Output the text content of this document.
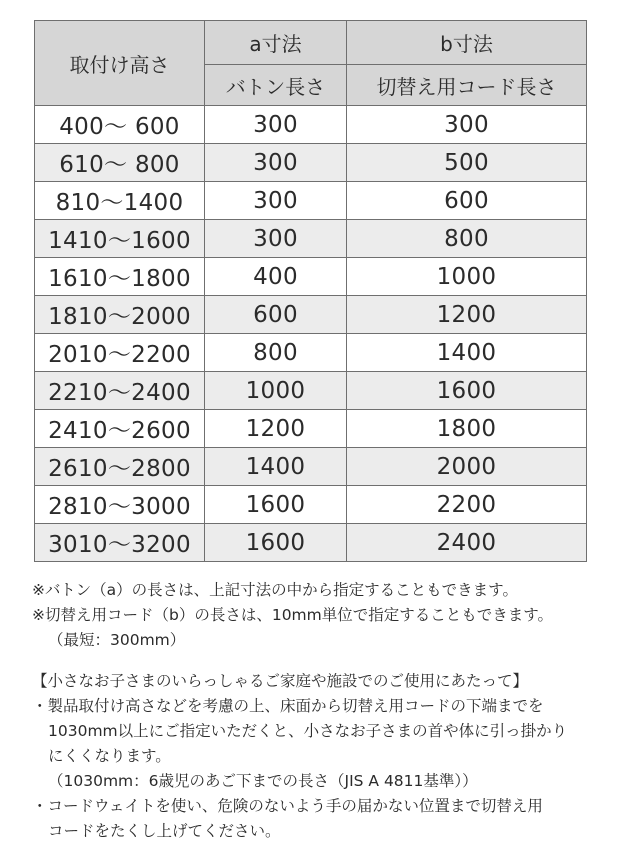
取付け高さ	a寸法	b寸法
	バトン長さ	切替え用コード長さ
400〜 600	300	300
610〜 800	300	500
810〜1400	300	600
1410〜1600	300	800
1610〜1800	400	1000
1810〜2000	600	1200
2010〜2200	800	1400
2210〜2400	1000	1600
2410〜2600	1200	1800
2610〜2800	1400	2000
2810〜3000	1600	2200
3010〜3200	1600	2400

※バトン（a）の長さは、上記寸法の中から指定することもできます。

※切替え用コード（b）の長さは、10mm単位で指定することもできます。

（最短：300mm）

【小さなお子さまのいらっしゃるご家庭や施設でのご使用にあたって】

・製品取付け高さなどを考慮の上、床面から切替え用コードの下端までを

1030mm以上にご指定いただくと、小さなお子さまの首や体に引っ掛かり

にくくなります。

（1030mm：6歳児のあご下までの長さ（JIS A 4811基準））

・コードウェイトを使い、危険のないよう手の届かない位置まで切替え用

コードをたくし上げてください。
